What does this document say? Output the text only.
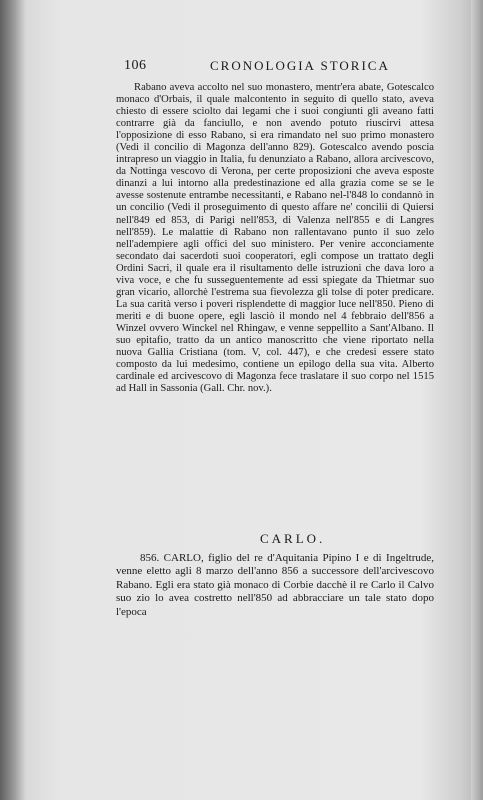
106	CRONOLOGIA STORICA

Rabano aveva accolto nel suo monastero, mentr'era abate, Gotescalco monaco d'Orbais, il quale malcontento in seguito di quello stato, aveva chiesto di essere sciolto dai legami che i suoi congiunti gli aveano fatti contrarre già da fanciullo, e non avendo potuto riuscirvi attesa l'opposizione di esso Rabano, si era rimandato nel suo primo monastero (Vedi il concilio di Magonza dell'anno 829). Gotescalco avendo poscia intrapreso un viaggio in Italia, fu denunziato a Rabano, allora arcivescovo, da Nottinga vescovo di Verona, per certe proposizioni che aveva esposte dinanzi a lui intorno alla predestinazione ed alla grazia come se se le avesse sostenute entrambe necessitanti, e Rabano nel-l'848 lo condannò in un concilio (Vedi il proseguimento di questo affare ne' concilii di Quiersi nell'849 ed 853, di Parigi nell'853, di Valenza nell'855 e di Langres nell'859). Le malattie di Rabano non rallentavano punto il suo zelo nell'adempiere agli offici del suo ministero. Per venire acconciamente secondato dai sacerdoti suoi cooperatori, egli compose un trattato degli Ordini Sacri, il quale era il risultamento delle istruzioni che dava loro a viva voce, e che fu susseguentemente ad essi spiegate da Thietmar suo gran vicario, allorchè l'estrema sua fievolezza gli tolse di poter predicare. La sua carità verso i poveri risplendette di maggior luce nell'850. Pieno di meriti e di buone opere, egli lasciò il mondo nel 4 febbraio dell'856 a Winzel ovvero Winckel nel Rhingaw, e venne seppellito a Sant'Albano. Il suo epitafio, tratto da un antico manoscritto che viene riportato nella nuova Gallia Cristiana (tom. V, col. 447), e che credesi essere stato composto da lui medesimo, contiene un epilogo della sua vita. Alberto cardinale ed arcivescovo di Magonza fece traslatare il suo corpo nel 1515 ad Hall in Sassonia (Gall. Chr. nov.).

CARLO.

856. CARLO, figlio del re d'Aquitania Pipino I e di Ingeltrude, venne eletto agli 8 marzo dell'anno 856 a successore dell'arcivescovo Rabano. Egli era stato già monaco di Corbie dacchè il re Carlo il Calvo suo zio lo avea costretto nell'850 ad abbracciare un tale stato dopo l'epoca
